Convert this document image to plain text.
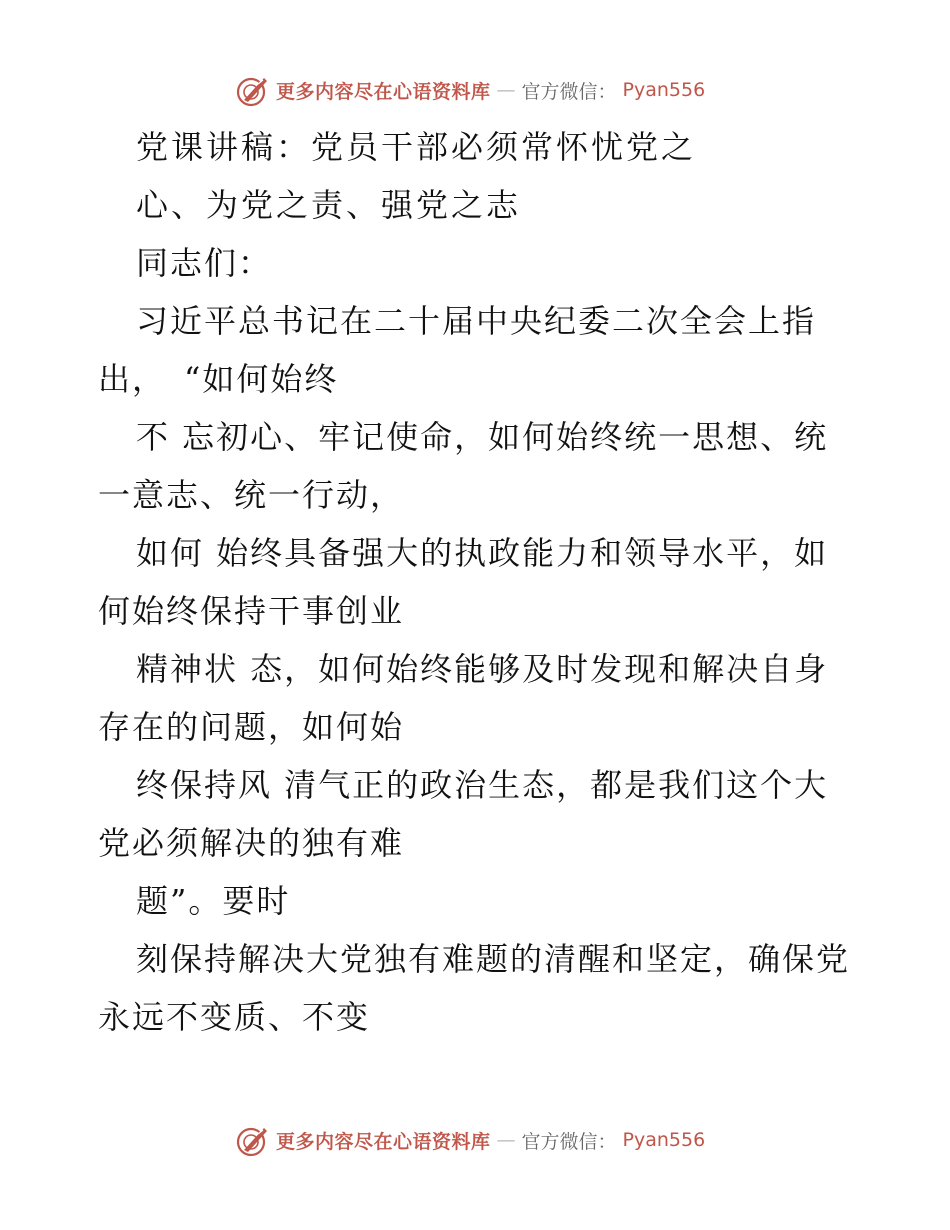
更多内容尽在心语资料库 — 官方微信： Pyan556
党课讲稿：党员干部必须常怀忧党之
心、为党之责、强党之志
同志们：
习近平总书记在二十届中央纪委二次全会上指
出，　“如何始终
不 忘初心、牢记使命，如何始终统一思想、统
一意志、统一行动，
如何 始终具备强大的执政能力和领导水平，如
何始终保持干事创业
精神状 态，如何始终能够及时发现和解决自身
存在的问题，如何始
终保持风 清气正的政治生态，都是我们这个大
党必须解决的独有难
题”。要时
刻保持解决大党独有难题的清醒和坚定，确保党
永远不变质、不变
更多内容尽在心语资料库 — 官方微信： Pyan556
